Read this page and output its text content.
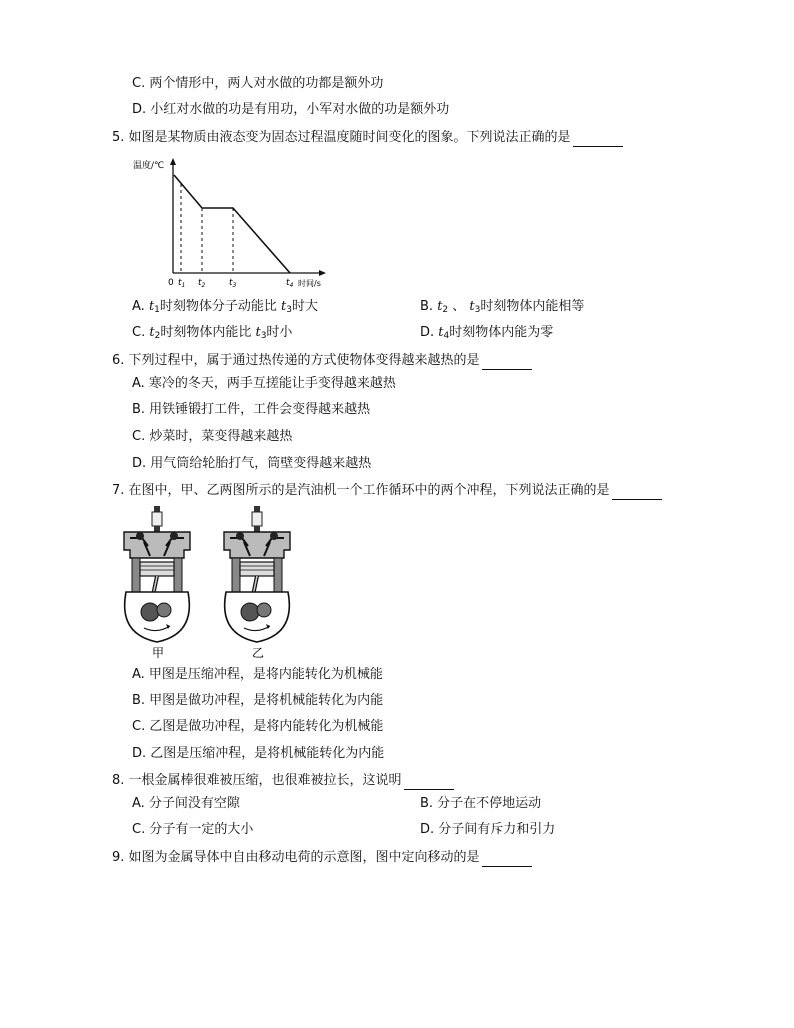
C. 两个情形中，两人对水做的功都是额外功
D. 小红对水做的功是有用功，小军对水做的功是额外功
5. 如图是某物质由液态变为固态过程温度随时间变化的图象。下列说法正确的是
温度/℃
0 $t_1$ $t_2$	$t_3$	$t_4$ 时间/s
A. $t_1$时刻物体分子动能比 $t_3$时大	B. $t_2$ 、 $t_3$时刻物体内能相等
C. $t_2$时刻物体内能比 $t_3$时小	D. $t_4$时刻物体内能为零
6. 下列过程中，属于通过热传递的方式使物体变得越来越热的是
A. 寒冷的冬天，两手互搓能让手变得越来越热
B. 用铁锤锻打工件，工件会变得越来越热
C. 炒菜时，菜变得越来越热
D. 用气筒给轮胎打气，筒壁变得越来越热
7. 在图中，甲、乙两图所示的是汽油机一个工作循环中的两个冲程，下列说法正确的是
甲	乙
A. 甲图是压缩冲程，是将内能转化为机械能
B. 甲图是做功冲程，是将机械能转化为内能
C. 乙图是做功冲程，是将内能转化为机械能
D. 乙图是压缩冲程，是将机械能转化为内能
8. 一根金属棒很难被压缩，也很难被拉长，这说明
A. 分子间没有空隙	B. 分子在不停地运动
C. 分子有一定的大小	D. 分子间有斥力和引力
9. 如图为金属导体中自由移动电荷的示意图，图中定向移动的是
